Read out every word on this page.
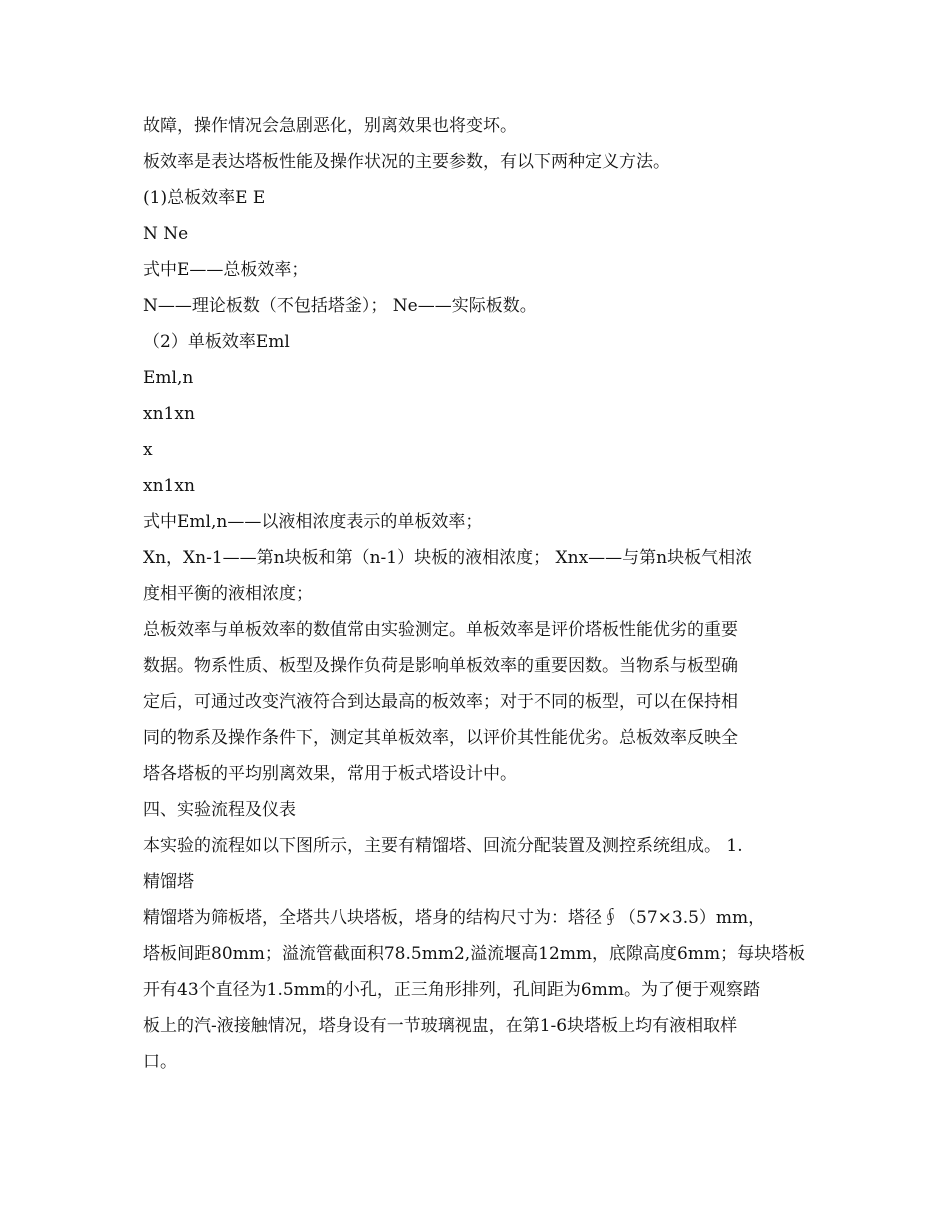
故障，操作情况会急剧恶化，别离效果也将变坏。
板效率是表达塔板性能及操作状况的主要参数，有以下两种定义方法。
(1)总板效率E E
N Ne
式中E——总板效率；
N——理论板数（不包括塔釜）； Ne——实际板数。
（2）单板效率Eml
Eml,n
xn1xn
x
xn1xn
式中Eml,n——以液相浓度表示的单板效率；
Xn，Xn-1——第n块板和第（n-1）块板的液相浓度； Xnx——与第n块板气相浓
度相平衡的液相浓度；
总板效率与单板效率的数值常由实验测定。单板效率是评价塔板性能优劣的重要
数据。物系性质、板型及操作负荷是影响单板效率的重要因数。当物系与板型确
定后，可通过改变汽液符合到达最高的板效率；对于不同的板型，可以在保持相
同的物系及操作条件下，测定其单板效率，以评价其性能优劣。总板效率反映全
塔各塔板的平均别离效果，常用于板式塔设计中。
四、实验流程及仪表
本实验的流程如以下图所示，主要有精馏塔、回流分配装置及测控系统组成。 1.
精馏塔
精馏塔为筛板塔，全塔共八块塔板，塔身的结构尺寸为：塔径∮（57×3.5）mm，
塔板间距80mm；溢流管截面积78.5mm2,溢流堰高12mm，底隙高度6mm；每块塔板
开有43个直径为1.5mm的小孔，正三角形排列，孔间距为6mm。为了便于观察踏
板上的汽-液接触情况，塔身设有一节玻璃视盅，在第1-6块塔板上均有液相取样
口。
